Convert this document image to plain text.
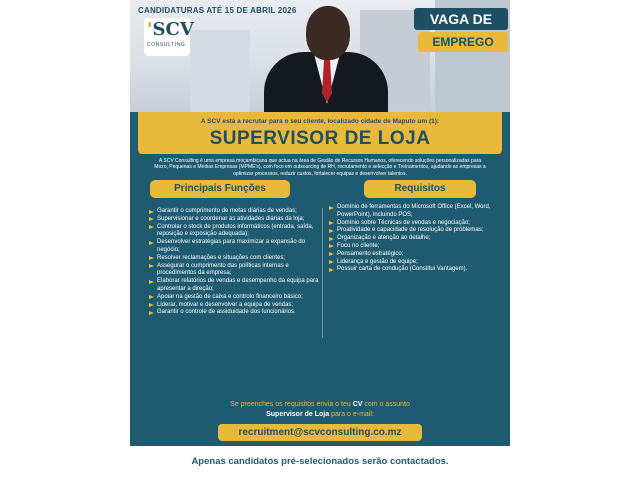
CANDIDATURAS ATÉ 15 DE ABRIL 2026
'SCV
CONSULTING
VAGA DE
EMPREGO
A SCV está a recrutar para o seu cliente, localizado cidade de Maputo um (1):
SUPERVISOR DE LOJA
A SCV Consulting é uma empresa moçambicana que actua na área de Gestão de Recursos Humanos, oferecendo soluções personalizadas para Micro, Pequenas e Médias Empresas (MPME's), com foco em outsourcing de RH, recrutamento e selecção e Treinamentos, ajudando as empresas a optimizar processos, reduzir custos, fortalecer equipas e desenvolver talentos.
Principais Funções	Requisitos
Garantir o cumprimento de metas diárias de vendas;
Supervisionar e coordenar as atividades diárias da loja;
Controlar o stock de produtos informáticos (entrada, saída, reposição e exposição adequada);
Desenvolver estratégias para maximizar a expansão do negócio;
Resolver reclamações e situações com clientes;
Assegurar o cumprimento das políticas internas e procedimentos da empresa;
Elaborar relatórios de vendas e desempenho da equipa para apresentar a direção;
Apoiar na gestão de caixa e controlo financeiro básico;
Liderar, motivar e desenvolver a equipa de vendas;
Garantir o controle de assiduidade dos funcionários.
Domínio de ferramentas do Microsoft Office (Excel, Word, PowerPoint), incluindo POS;
Domínio sobre Técnicas de vendas e negociação;
Proatividade e capacidade de resolução de problemas;
Organização e atenção ao detalhe;
Foco no cliente;
Pensamento estratégico;
Liderança e gestão de equipe;
Possuir carta de condução (Constitui Vantagem).
Se preenches os requisitos envia o teu CV com o assunto
Supervisor de Loja para o e-mail:
recruitment@scvconsulting.co.mz
Apenas candidatos pré-selecionados serão contactados.
